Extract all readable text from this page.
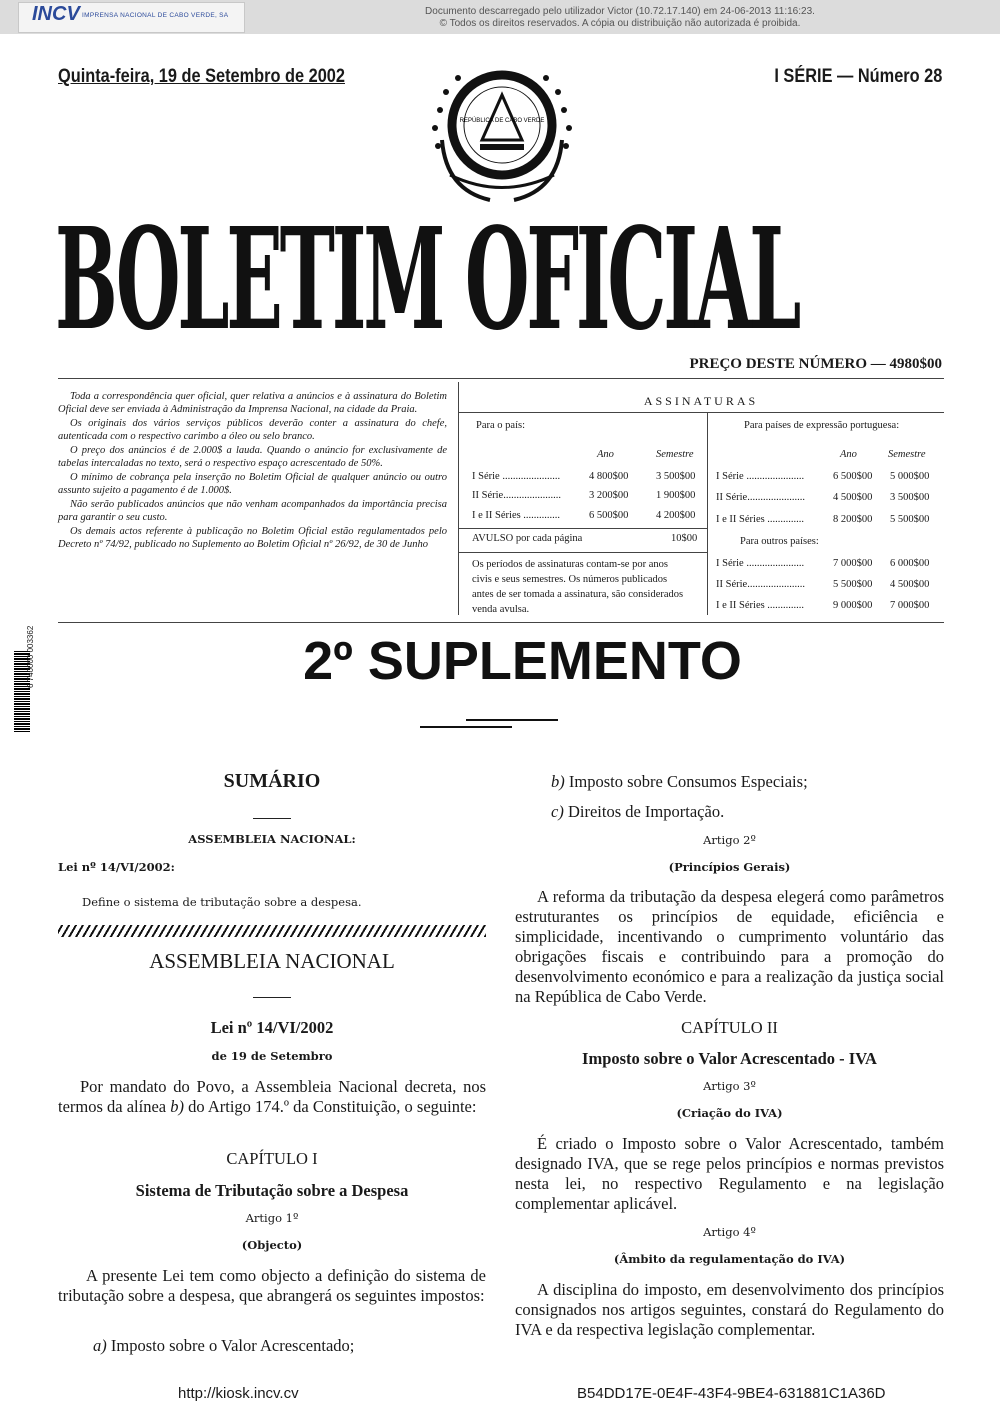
INCV IMPRENSA NACIONAL DE CABO VERDE, SA	Documento descarregado pelo utilizador Victor (10.72.17.140) em 24-06-2013 11:16:23.
© Todos os direitos reservados. A cópia ou distribuição não autorizada é proibida.
Quinta-feira, 19 de Setembro de 2002	I SÉRIE — Número 28
REPÚBLICA DE CABO VERDE
BOLETIM OFICIAL
PREÇO DESTE NÚMERO — 4980$00

Toda a correspondência quer oficial, quer relativa a anúncios e à assinatura do Boletim Oficial deve ser enviada à Administração da Imprensa Nacional, na cidade da Praia.

Os originais dos vários serviços públicos deverão conter a assinatura do chefe, autenticada com o respectivo carimbo a óleo ou selo branco.

O preço dos anúncios é de 2.000$ a lauda. Quando o anúncio for exclusivamente de tabelas intercaladas no texto, será o respectivo espaço acrescentado de 50%.

O mínimo de cobrança pela inserção no Boletim Oficial de qualquer anúncio ou outro assunto sujeito a pagamento é de 1.000$.

Não serão publicados anúncios que não venham acompanhados da importância precisa para garantir o seu custo.

Os demais actos referente à publicação no Boletim Oficial estão regulamentados pelo Decreto nº 74/92, publicado no Suplemento ao Boletim Oficial nº 26/92, de 30 de Junho

ASSINATURAS
Para o país:
Ano	Semestre
I Série ......................	4 800$00	3 500$00
II Série......................	3 200$00	1 900$00
I e II Séries ..............	6 500$00	4 200$00
AVULSO por cada página	10$00
Os períodos de assinaturas contam-se por anos
civis e seus semestres. Os números publicados
antes de ser tomada a assinatura, são considerados
venda avulsa.
Para países de expressão portuguesa:
Ano	Semestre
I Série ......................	6 500$00 5 000$00
II Série......................	4 500$00 3 500$00
I e II Séries ..............	8 200$00 5 500$00
Para outros países:
I Série ......................	7 000$00 6 000$00
II Série......................	5 500$00 4 500$00
I e II Séries ..............	9 000$00 7 000$00
2º SUPLEMENTO
6 740000 003362
SUMÁRIO
ASSEMBLEIA NACIONAL:
Lei nº 14/VI/2002:
Define o sistema de tributação sobre a despesa.
ASSEMBLEIA NACIONAL
Lei nº 14/VI/2002
de 19 de Setembro
Por mandato do Povo, a Assembleia Nacional decreta, nos termos da alínea b) do Artigo 174.º da Constituição, o seguinte:
CAPÍTULO I
Sistema de Tributação sobre a Despesa
Artigo 1º
(Objecto)
A presente Lei tem como objecto a definição do sistema de tributação sobre a despesa, que abrangerá os seguintes impostos:
a) Imposto sobre o Valor Acrescentado;
b) Imposto sobre Consumos Especiais;
c) Direitos de Importação.
Artigo 2º
(Princípios Gerais)
A reforma da tributação da despesa elegerá como parâmetros estruturantes os princípios de equidade, eficiência e simplicidade, incentivando o cumprimento voluntário das obrigações fiscais e contribuindo para a promoção do desenvolvimento económico e para a realização da justiça social na República de Cabo Verde.
CAPÍTULO II
Imposto sobre o Valor Acrescentado - IVA
Artigo 3º
(Criação do IVA)
É criado o Imposto sobre o Valor Acrescentado, também designado IVA, que se rege pelos princípios e normas previstos nesta lei, no respectivo Regulamento e na legislação complementar aplicável.
Artigo 4º
(Âmbito da regulamentação do IVA)
A disciplina do imposto, em desenvolvimento dos princípios consignados nos artigos seguintes, constará do Regulamento do IVA e da respectiva legislação complementar.
http://kiosk.incv.cv	B54DD17E-0E4F-43F4-9BE4-631881C1A36D
